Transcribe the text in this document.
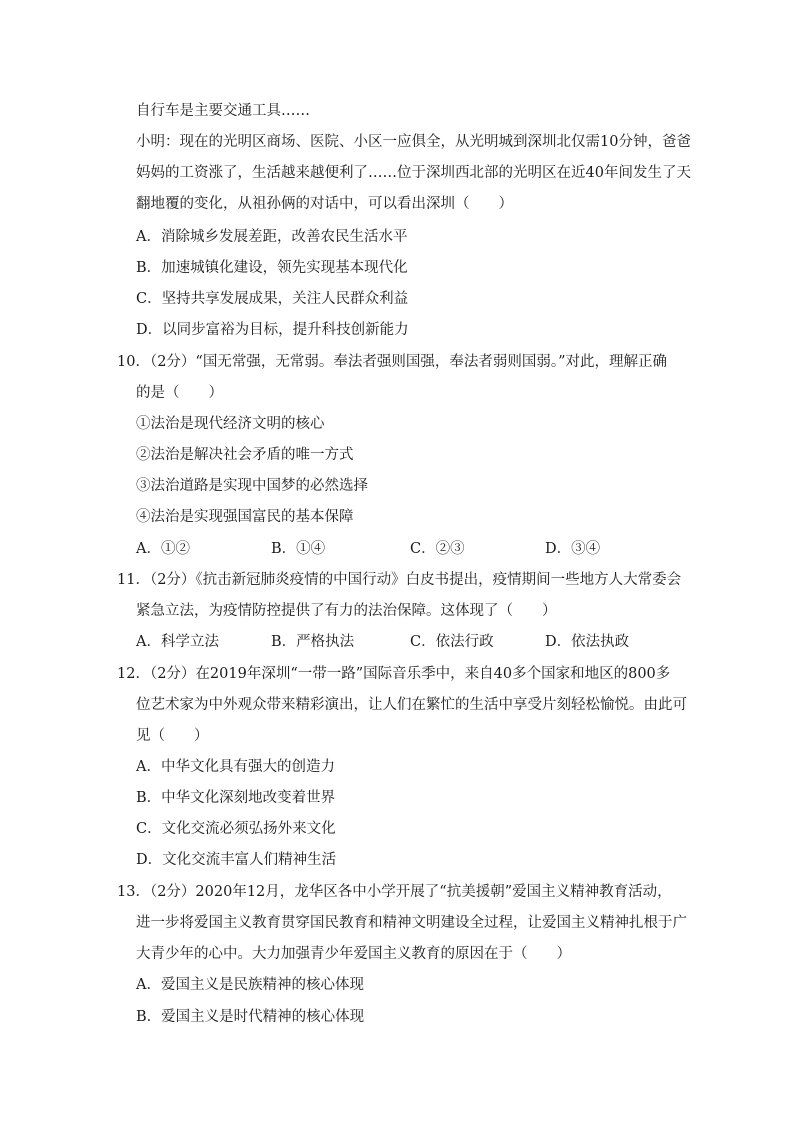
自行车是主要交通工具……
小明：现在的光明区商场、医院、小区一应俱全，从光明城到深圳北仅需10分钟，爸爸
妈妈的工资涨了，生活越来越便利了……位于深圳西北部的光明区在近40年间发生了天
翻地覆的变化，从祖孙俩的对话中，可以看出深圳（　　）
A．消除城乡发展差距，改善农民生活水平
B．加速城镇化建设，领先实现基本现代化
C．坚持共享发展成果，关注人民群众利益
D．以同步富裕为目标，提升科技创新能力
10．（2分）“国无常强，无常弱。奉法者强则国强，奉法者弱则国弱。”对此，理解正确
的是（　　）
①法治是现代经济文明的核心
②法治是解决社会矛盾的唯一方式
③法治道路是实现中国梦的必然选择
④法治是实现强国富民的基本保障
A．①②	B．①④	C．②③	D．③④
11．（2分）《抗击新冠肺炎疫情的中国行动》白皮书提出，疫情期间一些地方人大常委会
紧急立法，为疫情防控提供了有力的法治保障。这体现了（　　）
A．科学立法	B．严格执法	C．依法行政	D．依法执政
12．（2分）在2019年深圳“一带一路”国际音乐季中，来自40多个国家和地区的800多
位艺术家为中外观众带来精彩演出，让人们在繁忙的生活中享受片刻轻松愉悦。由此可
见（　　）
A．中华文化具有强大的创造力
B．中华文化深刻地改变着世界
C．文化交流必须弘扬外来文化
D．文化交流丰富人们精神生活
13．（2分）2020年12月，龙华区各中小学开展了“抗美援朝”爱国主义精神教育活动，
进一步将爱国主义教育贯穿国民教育和精神文明建设全过程，让爱国主义精神扎根于广
大青少年的心中。大力加强青少年爱国主义教育的原因在于（　　）
A．爱国主义是民族精神的核心体现
B．爱国主义是时代精神的核心体现
